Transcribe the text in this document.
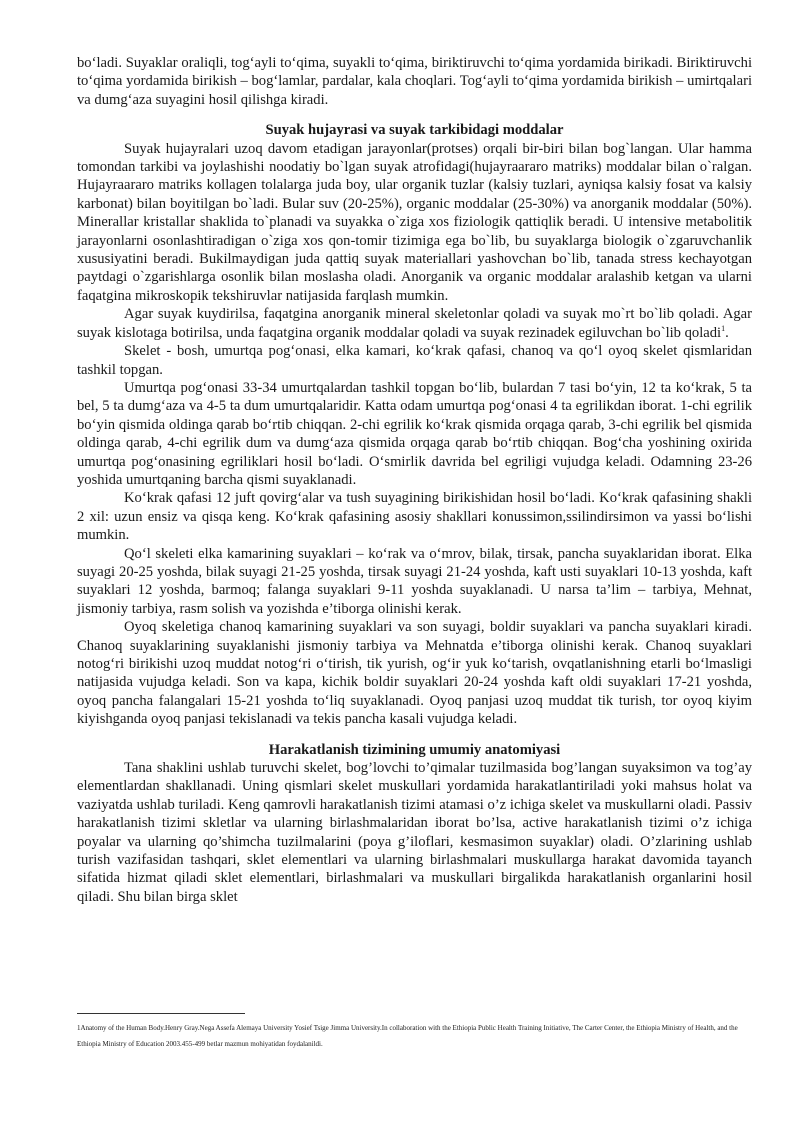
bo‘ladi. Suyaklar oraliqli, tog‘ayli to‘qima, suyakli to‘qima, biriktiruvchi to‘qima yordamida birikadi. Biriktiruvchi to‘qima yordamida birikish – bog‘lamlar, pardalar, kala choqlari. Tog‘ayli to‘qima yordamida birikish – umirtqalari va dumg‘aza suyagini hosil qilishga kiradi.

Suyak hujayrasi va suyak tarkibidagi moddalar

Suyak hujayralari uzoq davom etadigan jarayonlar(protses) orqali bir-biri bilan bog`langan. Ular hamma tomondan tarkibi va joylashishi noodatiy bo`lgan suyak atrofidagi(hujayraararo matriks) moddalar bilan o`ralgan. Hujayraararo matriks kollagen tolalarga juda boy, ular organik tuzlar (kalsiy tuzlari, ayniqsa kalsiy fosat va kalsiy karbonat) bilan boyitilgan bo`ladi. Bular suv (20-25%), organic moddalar (25-30%) va anorganik moddalar (50%). Minerallar kristallar shaklida to`planadi va suyakka o`ziga xos fiziologik qattiqlik beradi. U intensive metabolitik jarayonlarni osonlashtiradigan o`ziga xos qon-tomir tizimiga ega bo`lib, bu suyaklarga biologik o`zgaruvchanlik xususiyatini beradi. Bukilmaydigan juda qattiq suyak materiallari yashovchan bo`lib, tanada stress kechayotgan paytdagi o`zgarishlarga osonlik bilan moslasha oladi. Anorganik va organic moddalar aralashib ketgan va ularni faqatgina mikroskopik tekshiruvlar natijasida farqlash mumkin.

Agar suyak kuydirilsa, faqatgina anorganik mineral skeletonlar qoladi va suyak mo`rt bo`lib qoladi. Agar suyak kislotaga botirilsa, unda faqatgina organik moddalar qoladi va suyak rezinadek egiluvchan bo`lib qoladi$^1$.

Skelet - bosh, umurtqa pog‘onasi, elka kamari, ko‘krak qafasi, chanoq va qo‘l oyoq skelet qismlaridan tashkil topgan.

Umurtqa pog‘onasi 33-34 umurtqalardan tashkil topgan bo‘lib, bulardan 7 tasi bo‘yin, 12 ta ko‘krak, 5 ta bel, 5 ta dumg‘aza va 4-5 ta dum umurtqalaridir. Katta odam umurtqa pog‘onasi 4 ta egrilikdan iborat. 1-chi egrilik bo‘yin qismida oldinga qarab bo‘rtib chiqqan. 2-chi egrilik ko‘krak qismida orqaga qarab, 3-chi egrilik bel qismida oldinga qarab, 4-chi egrilik dum va dumg‘aza qismida orqaga qarab bo‘rtib chiqqan. Bog‘cha yoshining oxirida umurtqa pog‘onasining egriliklari hosil bo‘ladi. O‘smirlik davrida bel egriligi vujudga keladi. Odamning 23-26 yoshida umurtqaning barcha qismi suyaklanadi.

Ko‘krak qafasi 12 juft qovirg‘alar va tush suyagining birikishidan hosil bo‘ladi. Ko‘krak qafasining shakli 2 xil: uzun ensiz va qisqa keng. Ko‘krak qafasining asosiy shakllari konussimon,ssilindirsimon va yassi bo‘lishi mumkin.

Qo‘l skeleti elka kamarining suyaklari – ko‘rak va o‘mrov, bilak, tirsak, pancha suyaklaridan iborat. Elka suyagi 20-25 yoshda, bilak suyagi 21-25 yoshda, tirsak suyagi 21-24 yoshda, kaft usti suyaklari 10-13 yoshda, kaft suyaklari 12 yoshda, barmoq; falanga suyaklari 9-11 yoshda suyaklanadi. U narsa ta’lim – tarbiya, Mehnat, jismoniy tarbiya, rasm solish va yozishda e’tiborga olinishi kerak.

Oyoq skeletiga chanoq kamarining suyaklari va son suyagi, boldir suyaklari va pancha suyaklari kiradi. Chanoq suyaklarining suyaklanishi jismoniy tarbiya va Mehnatda e’tiborga olinishi kerak. Chanoq suyaklari notog‘ri birikishi uzoq muddat notog‘ri o‘tirish, tik yurish, og‘ir yuk ko‘tarish, ovqatlanishning etarli bo‘lmasligi natijasida vujudga keladi. Son va kapa, kichik boldir suyaklari 20-24 yoshda kaft oldi suyaklari 17-21 yoshda, oyoq pancha falangalari 15-21 yoshda to‘liq suyaklanadi. Oyoq panjasi uzoq muddat tik turish, tor oyoq kiyim kiyishganda oyoq panjasi tekislanadi va tekis pancha kasali vujudga keladi.

Harakatlanish tizimining umumiy anatomiyasi

Tana shaklini ushlab turuvchi skelet, bog’lovchi to’qimalar tuzilmasida bog’langan suyaksimon va tog’ay elementlardan shakllanadi. Uning qismlari skelet muskullari yordamida harakatlantiriladi yoki mahsus holat va vaziyatda ushlab turiladi. Keng qamrovli harakatlanish tizimi atamasi o’z ichiga skelet va muskullarni oladi. Passiv harakatlanish tizimi skletlar va ularning birlashmalaridan iborat bo’lsa, active harakatlanish tizimi o’z ichiga poyalar va ularning qo’shimcha tuzilmalarini (poya g’iloflari, kesmasimon suyaklar) oladi. O’zlarining ushlab turish vazifasidan tashqari, sklet elementlari va ularning birlashmalari muskullarga harakat davomida tayanch sifatida hizmat qiladi sklet elementlari, birlashmalari va muskullari birgalikda harakatlanish organlarini hosil qiladi. Shu bilan birga sklet

1Anatomy of the Human Body.Henry Gray.Nega Assefa Alemaya University Yosief Tsige Jimma University.In collaboration with the Ethiopia Public Health Training Initiative, The Carter Center, the Ethiopia Ministry of Health, and the Ethiopia Ministry of Education 2003.455-499 betlar mazmun mohiyatidan foydalanildi.
